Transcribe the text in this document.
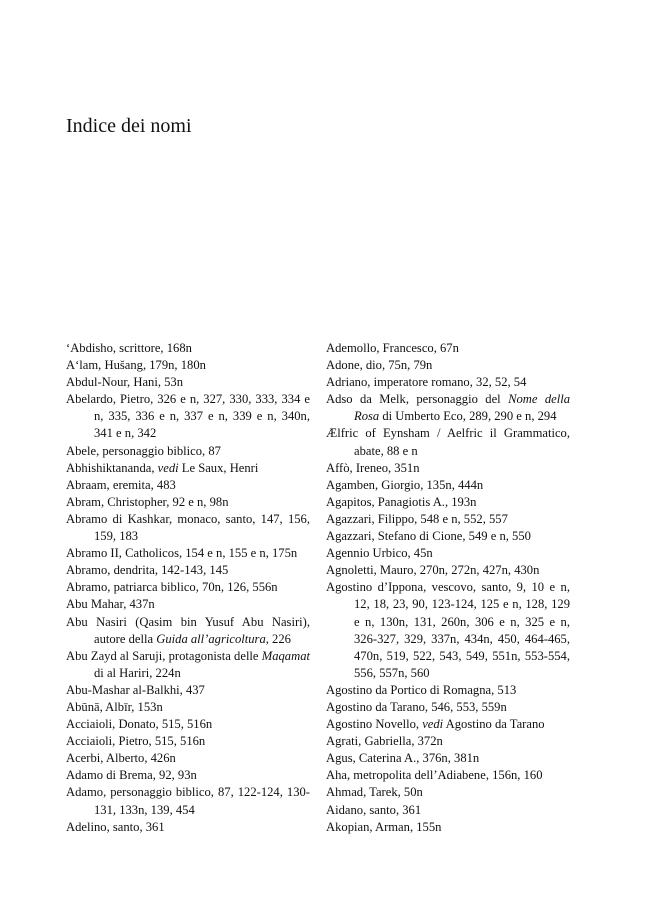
Indice dei nomi

‘Abdisho, scrittore, 168n

A‘lam, Hušang, 179n, 180n

Abdul-Nour, Hani, 53n

Abelardo, Pietro, 326 e n, 327, 330, 333, 334 e n, 335, 336 e n, 337 e n, 339 e n, 340n, 341 e n, 342

Abele, personaggio biblico, 87

Abhishiktananda, vedi Le Saux, Henri

Abraam, eremita, 483

Abram, Christopher, 92 e n, 98n

Abramo di Kashkar, monaco, santo, 147, 156, 159, 183

Abramo II, Catholicos, 154 e n, 155 e n, 175n

Abramo, dendrita, 142-143, 145

Abramo, patriarca biblico, 70n, 126, 556n

Abu Mahar, 437n

Abu Nasiri (Qasim bin Yusuf Abu Nasiri), autore della Guida all’agricoltura, 226

Abu Zayd al Saruji, protagonista delle Maqamat di al Hariri, 224n

Abu-Mashar al-Balkhi, 437

Abūnā, Albīr, 153n

Acciaioli, Donato, 515, 516n

Acciaioli, Pietro, 515, 516n

Acerbi, Alberto, 426n

Adamo di Brema, 92, 93n

Adamo, personaggio biblico, 87, 122-124, 130-131, 133n, 139, 454

Adelino, santo, 361

Ademollo, Francesco, 67n

Adone, dio, 75n, 79n

Adriano, imperatore romano, 32, 52, 54

Adso da Melk, personaggio del Nome della Rosa di Umberto Eco, 289, 290 e n, 294

Ælfric of Eynsham / Aelfric il Grammatico, abate, 88 e n

Affò, Ireneo, 351n

Agamben, Giorgio, 135n, 444n

Agapitos, Panagiotis A., 193n

Agazzari, Filippo, 548 e n, 552, 557

Agazzari, Stefano di Cione, 549 e n, 550

Agennio Urbico, 45n

Agnoletti, Mauro, 270n, 272n, 427n, 430n

Agostino d’Ippona, vescovo, santo, 9, 10 e n, 12, 18, 23, 90, 123-124, 125 e n, 128, 129 e n, 130n, 131, 260n, 306 e n, 325 e n, 326-327, 329, 337n, 434n, 450, 464-465, 470n, 519, 522, 543, 549, 551n, 553-554, 556, 557n, 560

Agostino da Portico di Romagna, 513

Agostino da Tarano, 546, 553, 559n

Agostino Novello, vedi Agostino da Tarano

Agrati, Gabriella, 372n

Agus, Caterina A., 376n, 381n

Aha, metropolita dell’Adiabene, 156n, 160

Ahmad, Tarek, 50n

Aidano, santo, 361

Akopian, Arman, 155n
